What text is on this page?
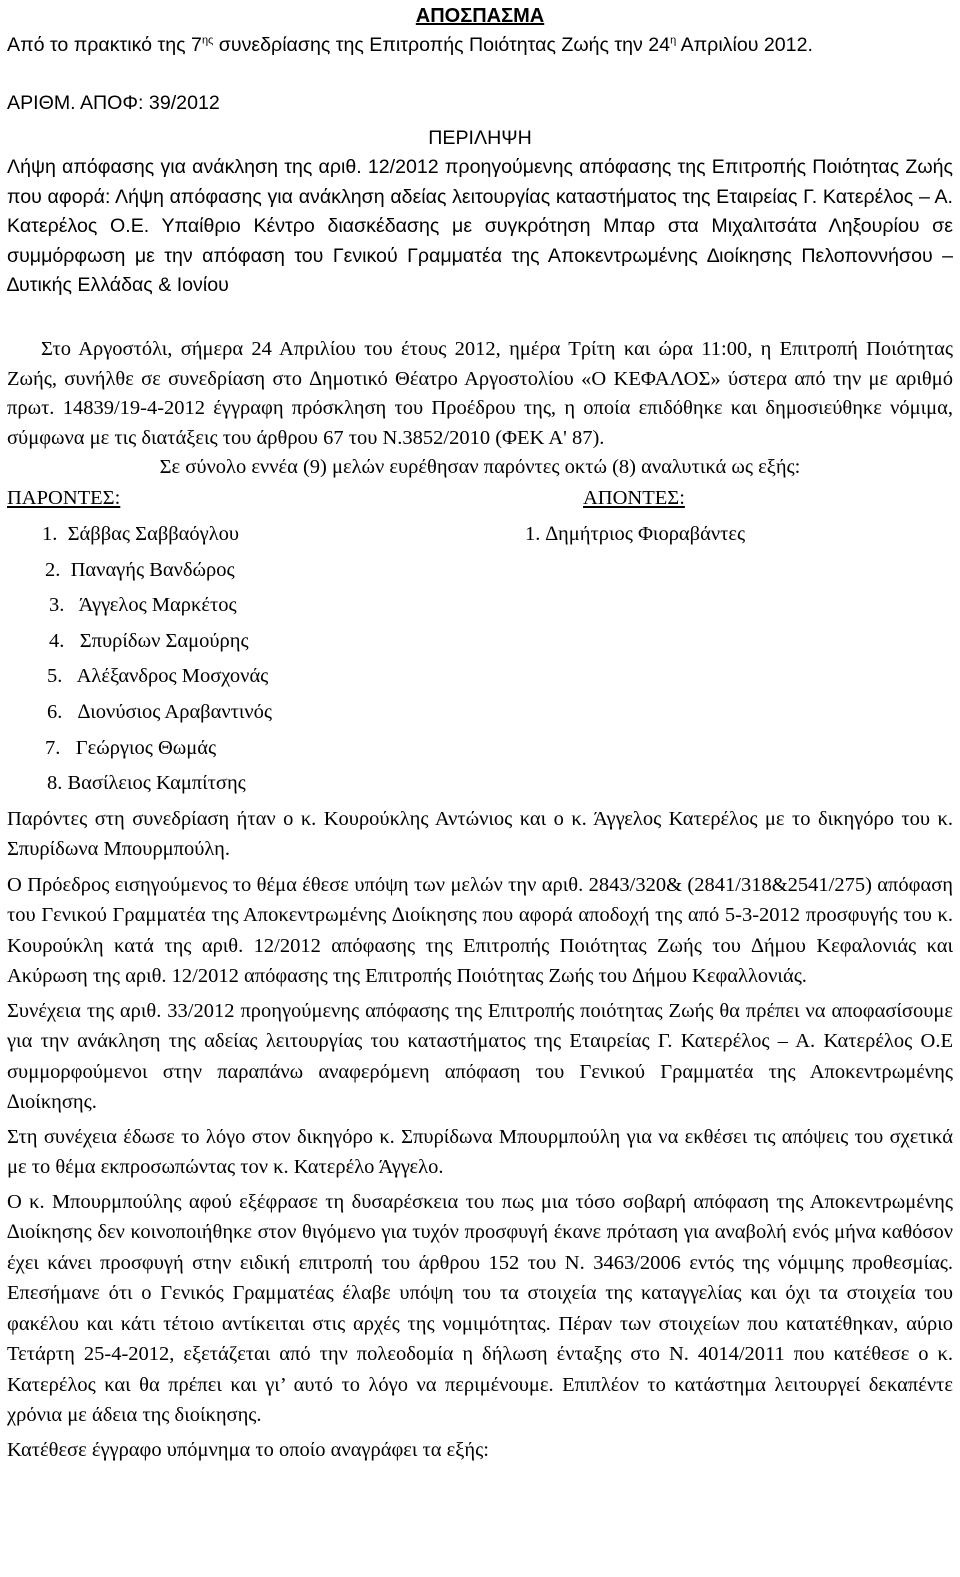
ΑΠΟΣΠΑΣΜΑ

Από το πρακτικό της $7^{\eta\varsigma}$ συνεδρίασης της Επιτροπής Ποιότητας Ζωής την $24^\eta$ Απριλίου 2012.

ΑΡΙΘΜ. ΑΠΟΦ: 39/2012

ΠΕΡΙΛΗΨΗ

Λήψη απόφασης για ανάκληση της αριθ. 12/2012 προηγούμενης απόφασης της Επιτροπής Ποιότητας Ζωής που αφορά: Λήψη απόφασης για ανάκληση αδείας λειτουργίας καταστήματος της Εταιρείας Γ. Κατερέλος – Α. Κατερέλος Ο.Ε. Υπαίθριο Κέντρο διασκέδασης με συγκρότηση Μπαρ στα Μιχαλιτσάτα Ληξουρίου σε συμμόρφωση με την απόφαση του Γενικού Γραμματέα της Αποκεντρωμένης ∆ιοίκησης Πελοποννήσου – ∆υτικής Ελλάδας & Ιονίου

Στο Αργοστόλι, σήμερα 24 Απριλίου του έτους 2012, ημέρα Τρίτη και ώρα 11:00, η Επιτροπή Ποιότητας Ζωής, συνήλθε σε συνεδρίαση στο ∆ημοτικό Θέατρο Αργοστολίου «Ο ΚΕΦΑΛΟΣ» ύστερα από την με αριθμό πρωτ. 14839/19-4-2012 έγγραφη πρόσκληση του Προέδρου της, η οποία επιδόθηκε και δημοσιεύθηκε νόμιμα, σύμφωνα με τις διατάξεις του άρθρου 67 του Ν.3852/2010 (ΦΕΚ Α' 87).

Σε σύνολο εννέα (9) μελών ευρέθησαν παρόντες οκτώ (8) αναλυτικά ως εξής:

ΠΑΡΟΝΤΕΣ:	ΑΠΟΝΤΕΣ:
1.  Σάββας Σαββαόγλου
2.  Παναγής Βανδώρος
3.   Άγγελος Μαρκέτος
4.   Σπυρίδων Σαμούρης
5.   Αλέξανδρος Μοσχονάς
6.   ∆ιονύσιος Αραβαντινός
7.   Γεώργιος Θωμάς
8. Βασίλειος Καμπίτσης
1. ∆ημήτριος Φιοραβάντες

Παρόντες στη συνεδρίαση ήταν ο κ. Κουρούκλης Αντώνιος και ο κ. Άγγελος Κατερέλος με το δικηγόρο του κ. Σπυρίδωνα Μπουρμπούλη.

Ο Πρόεδρος εισηγούμενος το θέμα έθεσε υπόψη των μελών την αριθ. 2843/320& (2841/318&2541/275) απόφαση του Γενικού Γραμματέα της Αποκεντρωμένης ∆ιοίκησης που αφορά αποδοχή της από 5-3-2012 προσφυγής του κ. Κουρούκλη κατά της αριθ. 12/2012 απόφασης της Επιτροπής Ποιότητας Ζωής του ∆ήμου Κεφαλονιάς και Ακύρωση της αριθ. 12/2012 απόφασης της Επιτροπής Ποιότητας Ζωής του ∆ήμου Κεφαλλονιάς.

Συνέχεια της αριθ. 33/2012 προηγούμενης απόφασης της Επιτροπής ποιότητας Ζωής θα πρέπει να αποφασίσουμε για την ανάκληση της αδείας λειτουργίας του καταστήματος της Εταιρείας Γ. Κατερέλος – Α. Κατερέλος Ο.Ε συμμορφούμενοι στην παραπάνω αναφερόμενη απόφαση του Γενικού Γραμματέα της Αποκεντρωμένης ∆ιοίκησης.

Στη συνέχεια έδωσε το λόγο στον δικηγόρο κ. Σπυρίδωνα Μπουρμπούλη για να εκθέσει τις απόψεις του σχετικά με το θέμα εκπροσωπώντας τον κ. Κατερέλο Άγγελο.

Ο κ. Μπουρμπούλης αφού εξέφρασε τη δυσαρέσκεια του πως μια τόσο σοβαρή απόφαση της Αποκεντρωμένης ∆ιοίκησης δεν κοινοποιήθηκε στον θιγόμενο για τυχόν προσφυγή έκανε πρόταση για αναβολή ενός μήνα καθόσον έχει κάνει προσφυγή στην ειδική επιτροπή του άρθρου 152 του Ν. 3463/2006 εντός της νόμιμης προθεσμίας. Επεσήμανε ότι ο Γενικός Γραμματέας έλαβε υπόψη του τα στοιχεία της καταγγελίας και όχι τα στοιχεία του φακέλου και κάτι τέτοιο αντίκειται στις αρχές της νομιμότητας. Πέραν των στοιχείων που κατατέθηκαν, αύριο Τετάρτη 25-4-2012, εξετάζεται από την πολεοδομία η δήλωση ένταξης στο Ν. 4014/2011 που κατέθεσε ο κ. Κατερέλος και θα πρέπει και γι’ αυτό το λόγο να περιμένουμε. Επιπλέον το κατάστημα λειτουργεί δεκαπέντε χρόνια με άδεια της διοίκησης.

Κατέθεσε έγγραφο υπόμνημα το οποίο αναγράφει τα εξής:
